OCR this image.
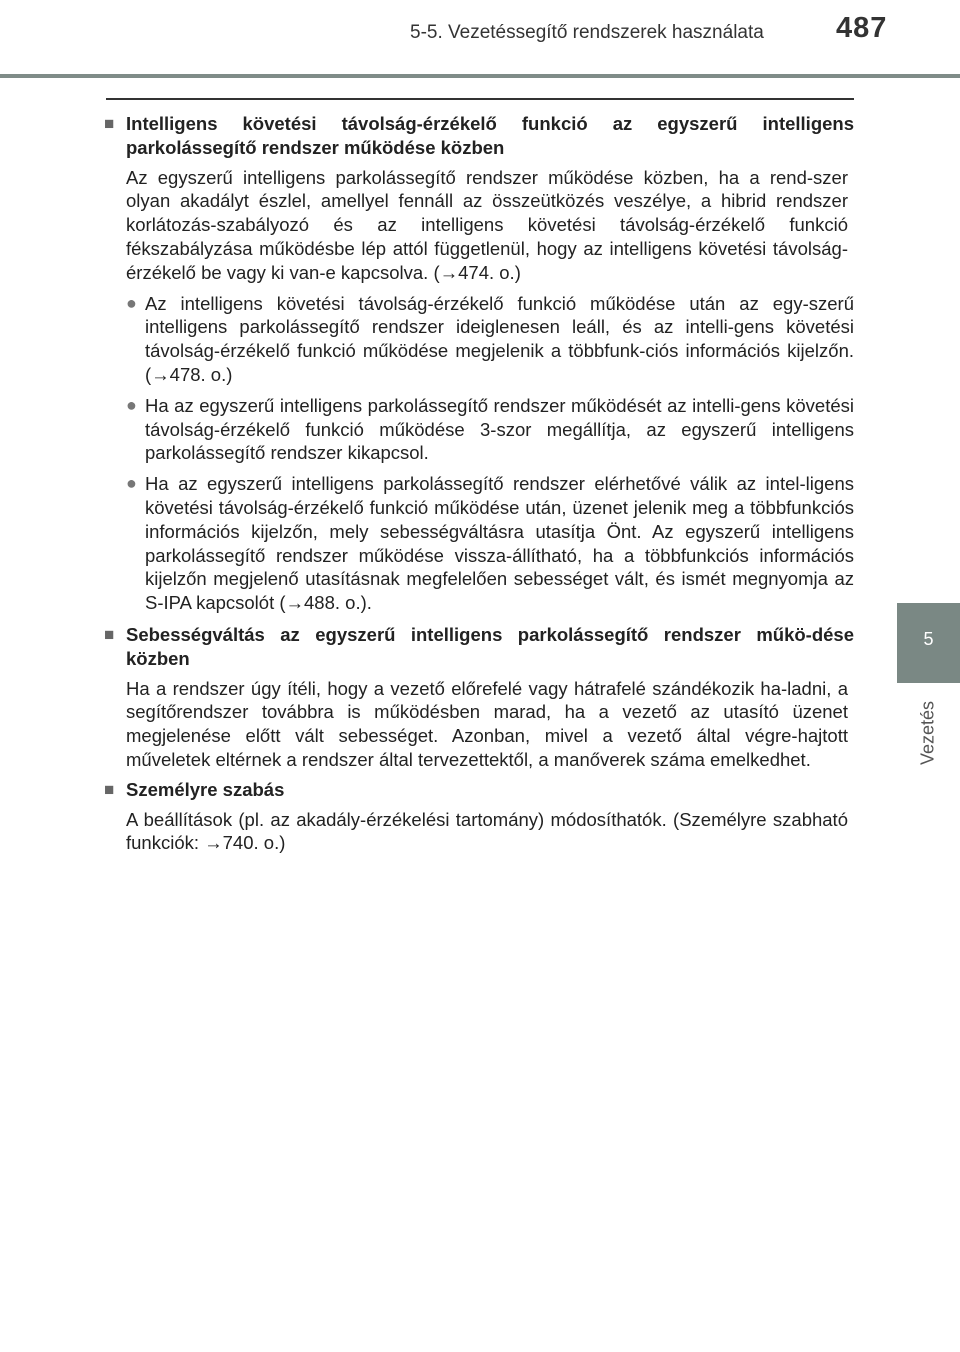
5-5. Vezetéssegítő rendszerek használata 487
5
Vezetés
■ Intelligens követési távolság-érzékelő funkció az egyszerű intelligens parkolássegítő rendszer működése közben
Az egyszerű intelligens parkolássegítő rendszer működése közben, ha a rend-szer olyan akadályt észlel, amellyel fennáll az összeütközés veszélye, a hibrid rendszer korlátozás-szabályozó és az intelligens követési távolság-érzékelő funkció fékszabályzása működésbe lép attól függetlenül, hogy az intelligens követési távolság-érzékelő be vagy ki van-e kapcsolva. (→474. o.)
● Az intelligens követési távolság-érzékelő funkció működése után az egy-szerű intelligens parkolássegítő rendszer ideiglenesen leáll, és az intelli-gens követési távolság-érzékelő funkció működése megjelenik a többfunk-ciós információs kijelzőn. (→478. o.)
● Ha az egyszerű intelligens parkolássegítő rendszer működését az intelli-gens követési távolság-érzékelő funkció működése 3-szor megállítja, az egyszerű intelligens parkolássegítő rendszer kikapcsol.
● Ha az egyszerű intelligens parkolássegítő rendszer elérhetővé válik az intel-ligens követési távolság-érzékelő funkció működése után, üzenet jelenik meg a többfunkciós információs kijelzőn, mely sebességváltásra utasítja Önt. Az egyszerű intelligens parkolássegítő rendszer működése vissza-állítható, ha a többfunkciós információs kijelzőn megjelenő utasításnak megfelelően sebességet vált, és ismét megnyomja az S-IPA kapcsolót (→488. o.).
■ Sebességváltás az egyszerű intelligens parkolássegítő rendszer műkö-dése közben
Ha a rendszer úgy ítéli, hogy a vezető előrefelé vagy hátrafelé szándékozik ha-ladni, a segítőrendszer továbbra is működésben marad, ha a vezető az utasító üzenet megjelenése előtt vált sebességet. Azonban, mivel a vezető által végre-hajtott műveletek eltérnek a rendszer által tervezettektől, a manőverek száma emelkedhet.
■ Személyre szabás
A beállítások (pl. az akadály-érzékelési tartomány) módosíthatók. (Személyre szabható funkciók: →740. o.)
